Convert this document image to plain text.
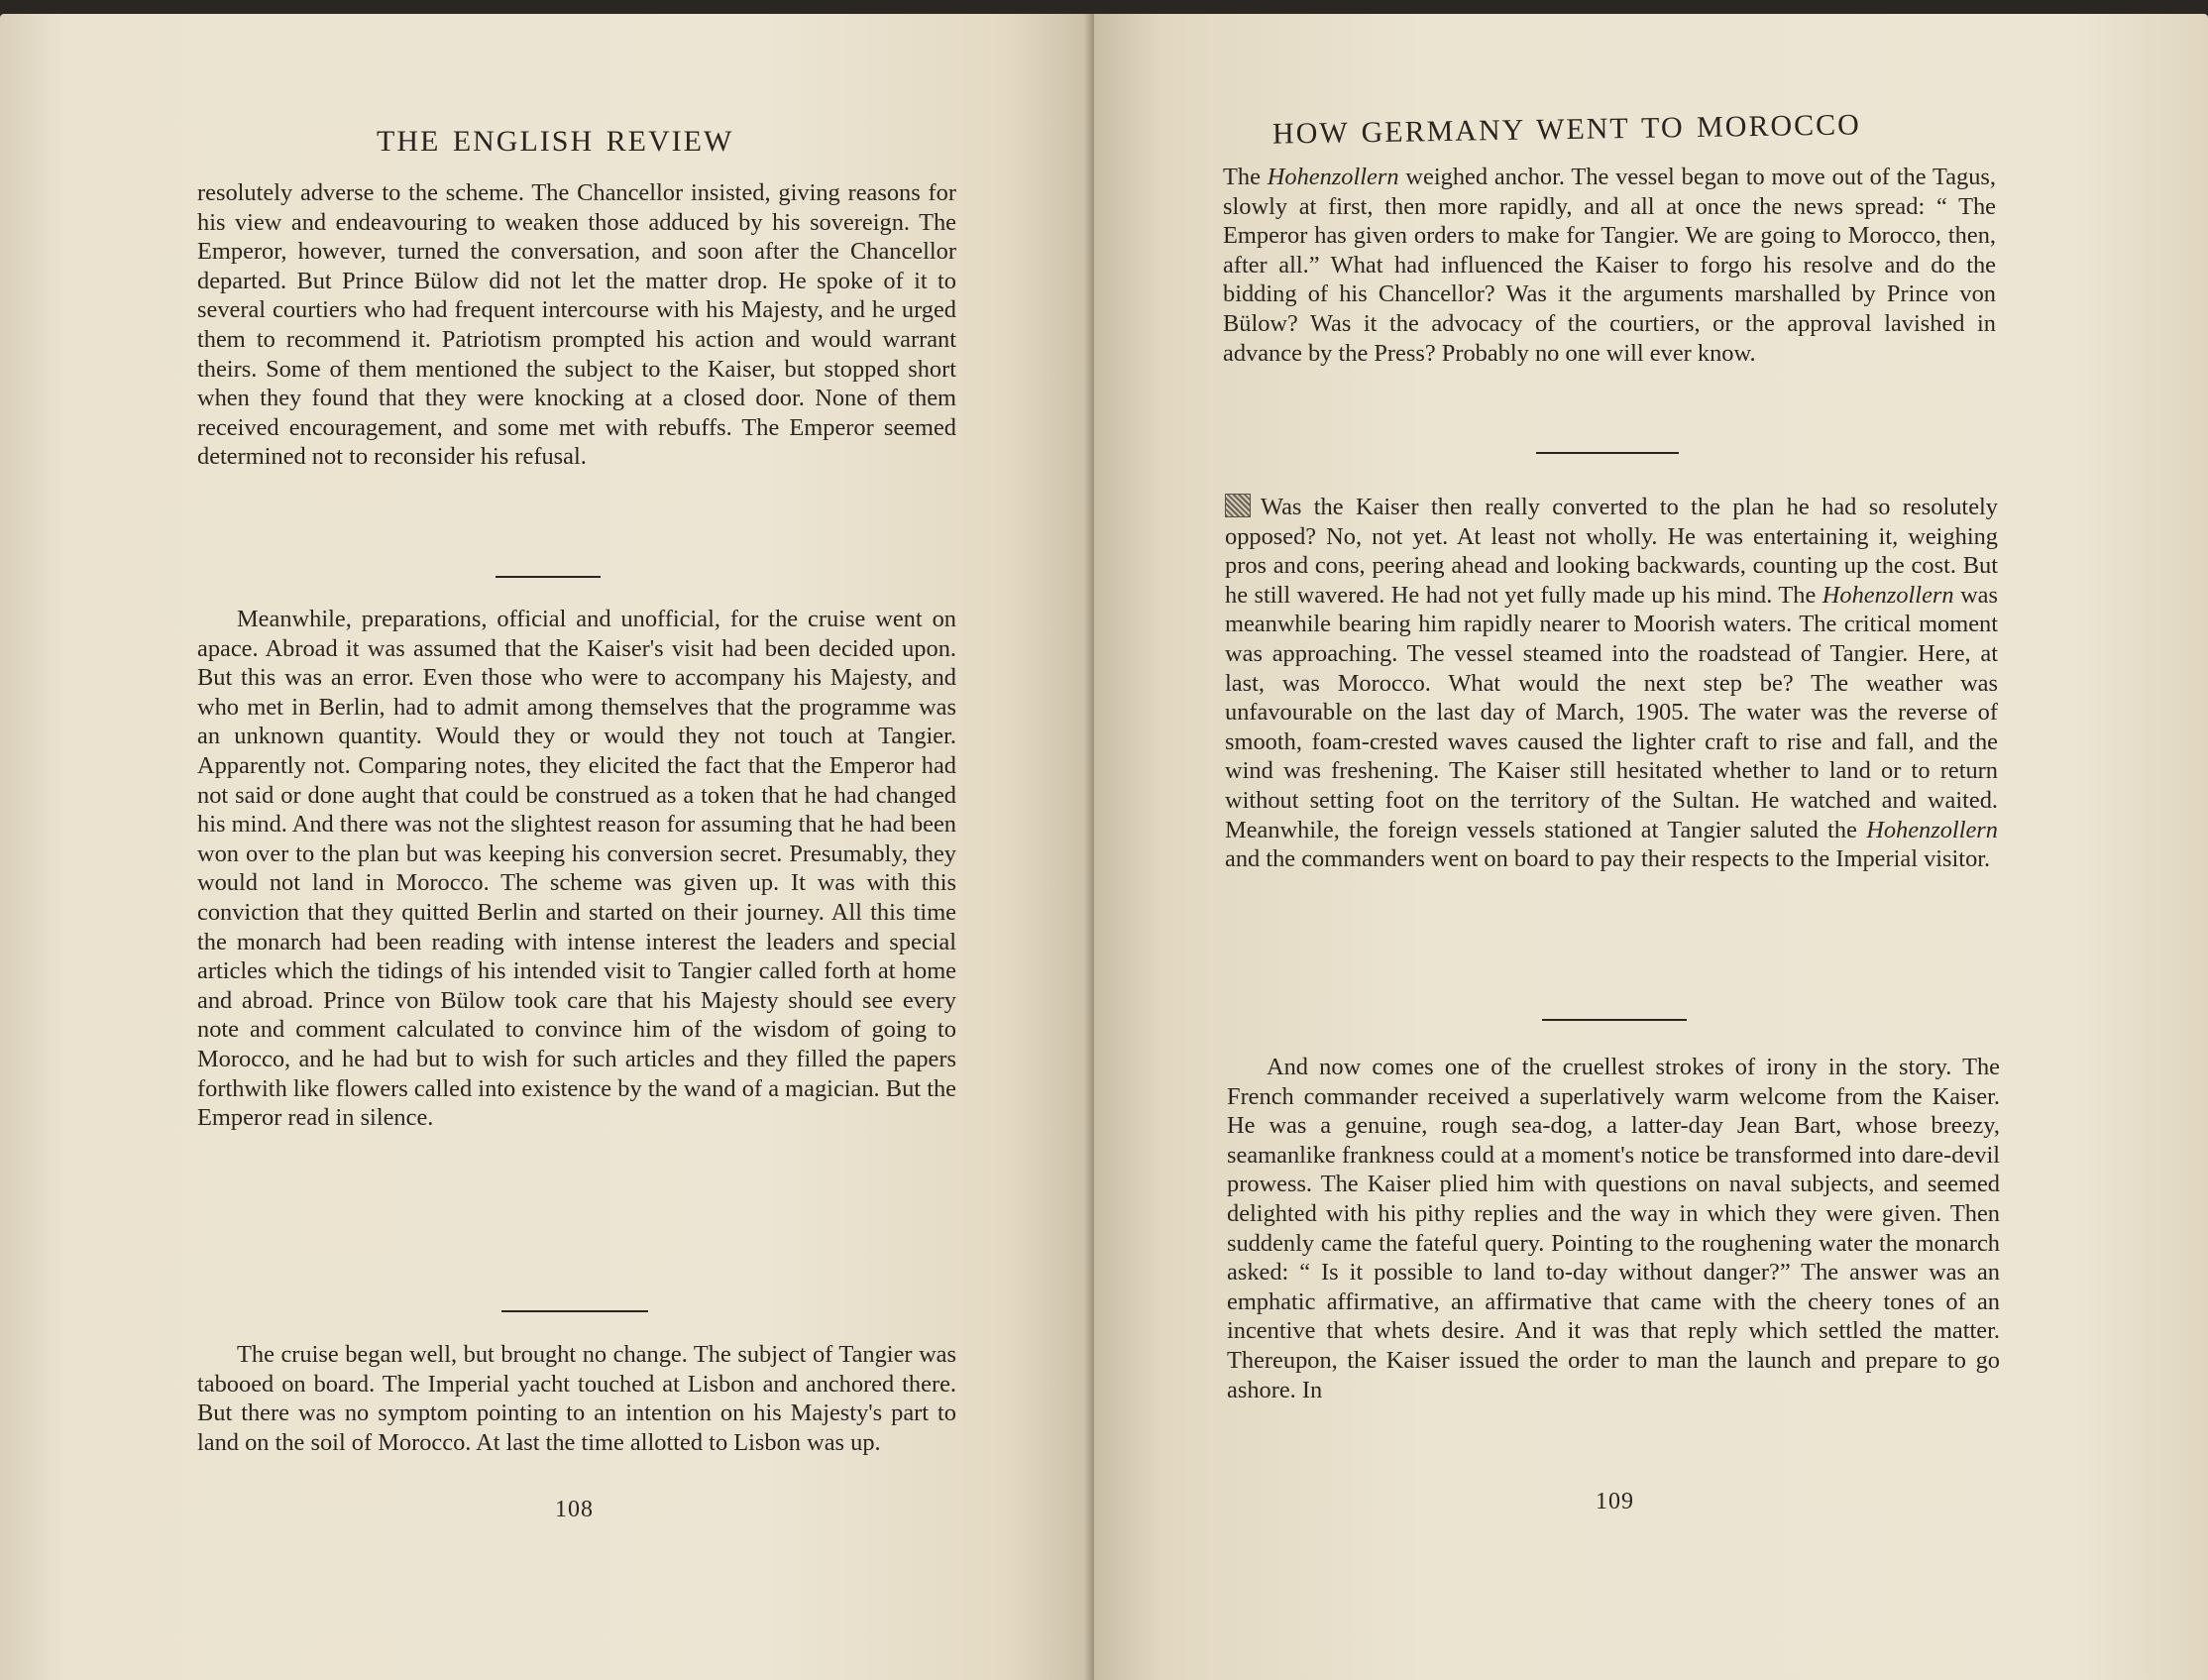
THE ENGLISH REVIEW
resolutely adverse to the scheme. The Chancellor insisted, giving reasons for his view and endeavouring to weaken those adduced by his sovereign. The Emperor, however, turned the conversation, and soon after the Chancellor departed. But Prince Bülow did not let the matter drop. He spoke of it to several courtiers who had frequent intercourse with his Majesty, and he urged them to recommend it. Patriotism prompted his action and would warrant theirs. Some of them mentioned the subject to the Kaiser, but stopped short when they found that they were knocking at a closed door. None of them received encouragement, and some met with rebuffs. The Emperor seemed determined not to reconsider his refusal.
Meanwhile, preparations, official and unofficial, for the cruise went on apace. Abroad it was assumed that the Kaiser's visit had been decided upon. But this was an error. Even those who were to accompany his Majesty, and who met in Berlin, had to admit among themselves that the programme was an unknown quantity. Would they or would they not touch at Tangier. Apparently not. Comparing notes, they elicited the fact that the Emperor had not said or done aught that could be construed as a token that he had changed his mind. And there was not the slightest reason for assuming that he had been won over to the plan but was keeping his conversion secret. Presumably, they would not land in Morocco. The scheme was given up. It was with this conviction that they quitted Berlin and started on their journey. All this time the monarch had been reading with intense interest the leaders and special articles which the tidings of his intended visit to Tangier called forth at home and abroad. Prince von Bülow took care that his Majesty should see every note and comment calculated to convince him of the wisdom of going to Morocco, and he had but to wish for such articles and they filled the papers forthwith like flowers called into existence by the wand of a magician. But the Emperor read in silence.
The cruise began well, but brought no change. The subject of Tangier was tabooed on board. The Imperial yacht touched at Lisbon and anchored there. But there was no symptom pointing to an intention on his Majesty's part to land on the soil of Morocco. At last the time allotted to Lisbon was up.
108
HOW GERMANY WENT TO MOROCCO
The Hohenzollern weighed anchor. The vessel began to move out of the Tagus, slowly at first, then more rapidly, and all at once the news spread: “ The Emperor has given orders to make for Tangier. We are going to Morocco, then, after all.” What had influenced the Kaiser to forgo his resolve and do the bidding of his Chancellor? Was it the arguments marshalled by Prince von Bülow? Was it the advocacy of the courtiers, or the approval lavished in advance by the Press? Probably no one will ever know.
Was the Kaiser then really converted to the plan he had so resolutely opposed? No, not yet. At least not wholly. He was entertaining it, weighing pros and cons, peering ahead and looking backwards, counting up the cost. But he still wavered. He had not yet fully made up his mind. The Hohenzollern was meanwhile bearing him rapidly nearer to Moorish waters. The critical moment was approaching. The vessel steamed into the roadstead of Tangier. Here, at last, was Morocco. What would the next step be? The weather was unfavourable on the last day of March, 1905. The water was the reverse of smooth, foam-crested waves caused the lighter craft to rise and fall, and the wind was freshening. The Kaiser still hesitated whether to land or to return without setting foot on the territory of the Sultan. He watched and waited. Meanwhile, the foreign vessels stationed at Tangier saluted the Hohenzollern and the commanders went on board to pay their respects to the Imperial visitor.
And now comes one of the cruellest strokes of irony in the story. The French commander received a superlatively warm welcome from the Kaiser. He was a genuine, rough sea-dog, a latter-day Jean Bart, whose breezy, seamanlike frankness could at a moment's notice be transformed into dare-devil prowess. The Kaiser plied him with questions on naval subjects, and seemed delighted with his pithy replies and the way in which they were given. Then suddenly came the fateful query. Pointing to the roughening water the monarch asked: “ Is it possible to land to-day without danger?” The answer was an emphatic affirmative, an affirmative that came with the cheery tones of an incentive that whets desire. And it was that reply which settled the matter. Thereupon, the Kaiser issued the order to man the launch and prepare to go ashore. In
109
